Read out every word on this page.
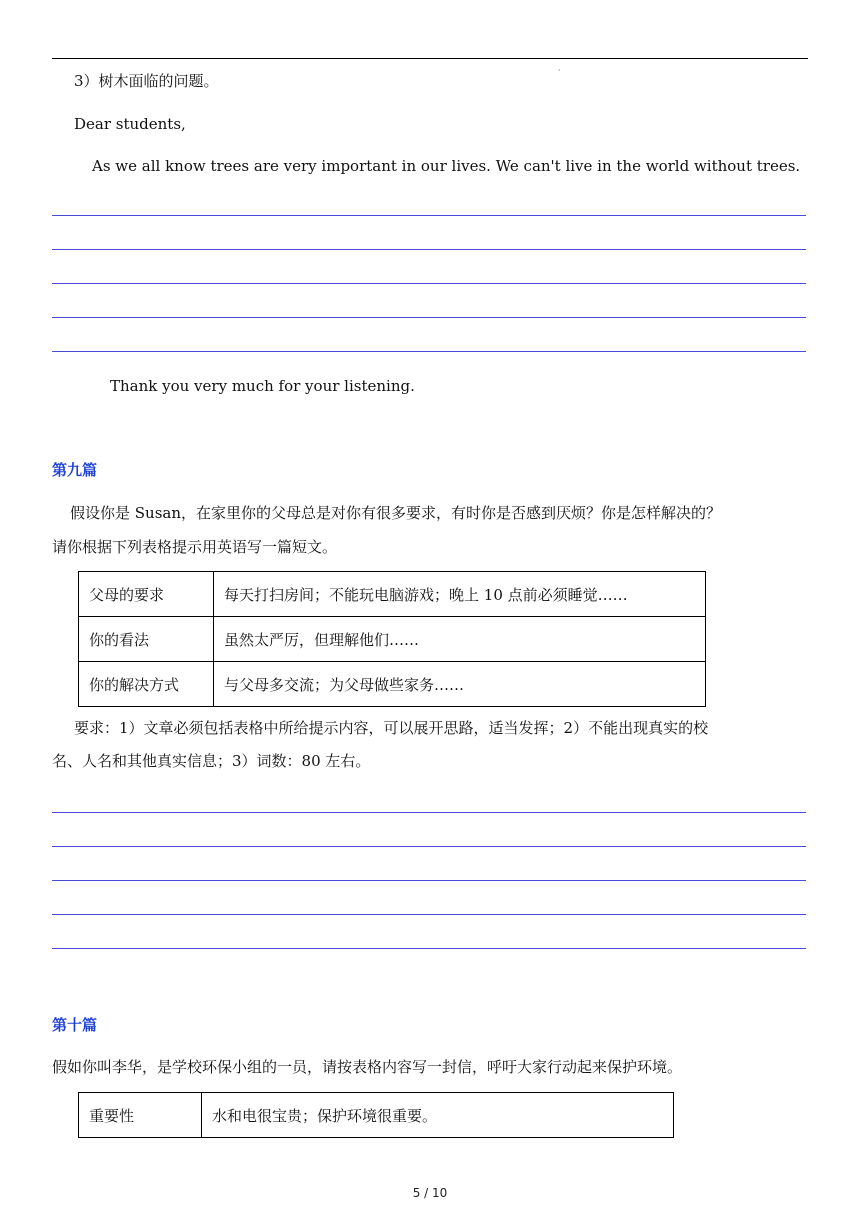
·
3）树木面临的问题。
Dear students,
As we all know trees are very important in our lives. We can't live in the world without trees.
Thank you very much for your listening.
第九篇
假设你是 Susan，在家里你的父母总是对你有很多要求，有时你是否感到厌烦？你是怎样解决的？
请你根据下列表格提示用英语写一篇短文。
父母的要求	每天打扫房间；不能玩电脑游戏；晚上 10 点前必须睡觉……
你的看法	虽然太严厉，但理解他们……
你的解决方式	与父母多交流；为父母做些家务……
要求：1）文章必须包括表格中所给提示内容，可以展开思路，适当发挥；2）不能出现真实的校
名、人名和其他真实信息；3）词数：80 左右。
第十篇
假如你叫李华，是学校环保小组的一员，请按表格内容写一封信，呼吁大家行动起来保护环境。
重要性	水和电很宝贵；保护环境很重要。
5 / 10
